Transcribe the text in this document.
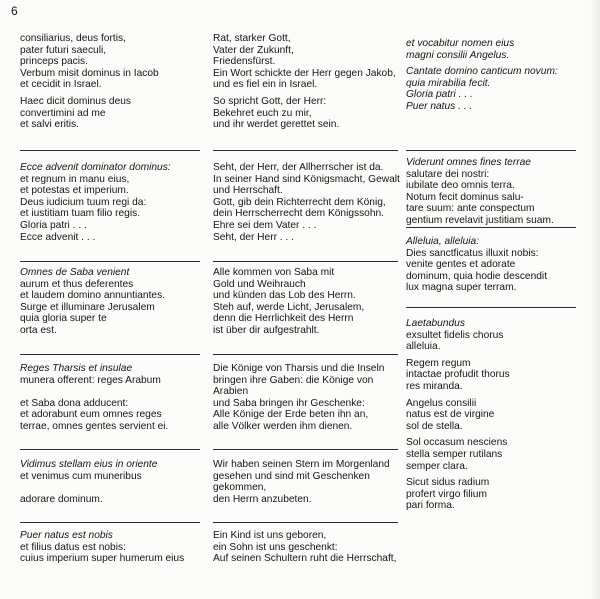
6
consiliarius, deus fortis,
pater futuri saeculi,
princeps pacis.
Verbum misit dominus in Iacob
et cecidit in Israel.
Haec dicit dominus deus
convertimini ad me
et salvi eritis.
Ecce advenit dominator dominus:
et regnum in manu eius,
et potestas et imperium.
Deus iudicium tuum regi da:
et iustitiam tuam filio regis.
Gloria patri . . .
Ecce advenit . . .
Omnes de Saba venient
aurum et thus deferentes
et laudem domino annuntiantes.
Surge et illuminare Jerusalem
quia gloria super te
orta est.
Reges Tharsis et insulae
munera offerent: reges Arabum
et Saba dona adducent:
et adorabunt eum omnes reges
terrae, omnes gentes servient ei.
Vidimus stellam eius in oriente
et venimus cum muneribus
adorare dominum.
Puer natus est nobis
et filius datus est nobis:
cuius imperium super humerum eius
Rat, starker Gott,
Vater der Zukunft,
Friedensfürst.
Ein Wort schickte der Herr gegen Jakob,
und es fiel ein in Israel.
So spricht Gott, der Herr:
Bekehret euch zu mir,
und ihr werdet gerettet sein.
Seht, der Herr, der Allherrscher ist da.
In seiner Hand sind Königsmacht, Gewalt
und Herrschaft.
Gott, gib dein Richterrecht dem König,
dein Herrscherrecht dem Königssohn.
Ehre sei dem Vater . . .
Seht, der Herr . . .
Alle kommen von Saba mit
Gold und Weihrauch
und künden das Lob des Herrn.
Steh auf, werde Licht, Jerusalem,
denn die Herrlichkeit des Herrn
ist über dir aufgestrahlt.
Die Könige von Tharsis und die Inseln
bringen ihre Gaben: die Könige von
Arabien
und Saba bringen ihr Geschenke:
Alle Könige der Erde beten ihn an,
alle Völker werden ihm dienen.
Wir haben seinen Stern im Morgenland
gesehen und sind mit Geschenken
gekommen,
den Herrn anzubeten.
Ein Kind ist uns geboren,
ein Sohn ist uns geschenkt:
Auf seinen Schultern ruht die Herrschaft,
et vocabitur nomen eius
magni consilii Angelus.
Cantate domino canticum novum:
quia mirabilia fecit.
Gloria patri . . .
Puer natus . . .
Viderunt omnes fines terrae
salutare dei nostri:
iubilate deo omnis terra.
Notum fecit dominus salu-
tare suum: ante conspectum
gentium revelavit justitiam suam.
Alleluia, alleluia:
Dies sanctficatus illuxit nobis:
venite gentes et adorate
dominum, quia hodie descendit
lux magna super terram.
Laetabundus
exsultet fidelis chorus
alleluia.
Regem regum
intactae profudit thorus
res miranda.
Angelus consilii
natus est de virgine
sol de stella.
Sol occasum nesciens
stella semper rutilans
semper clara.
Sicut sidus radium
profert virgo filium
pari forma.
